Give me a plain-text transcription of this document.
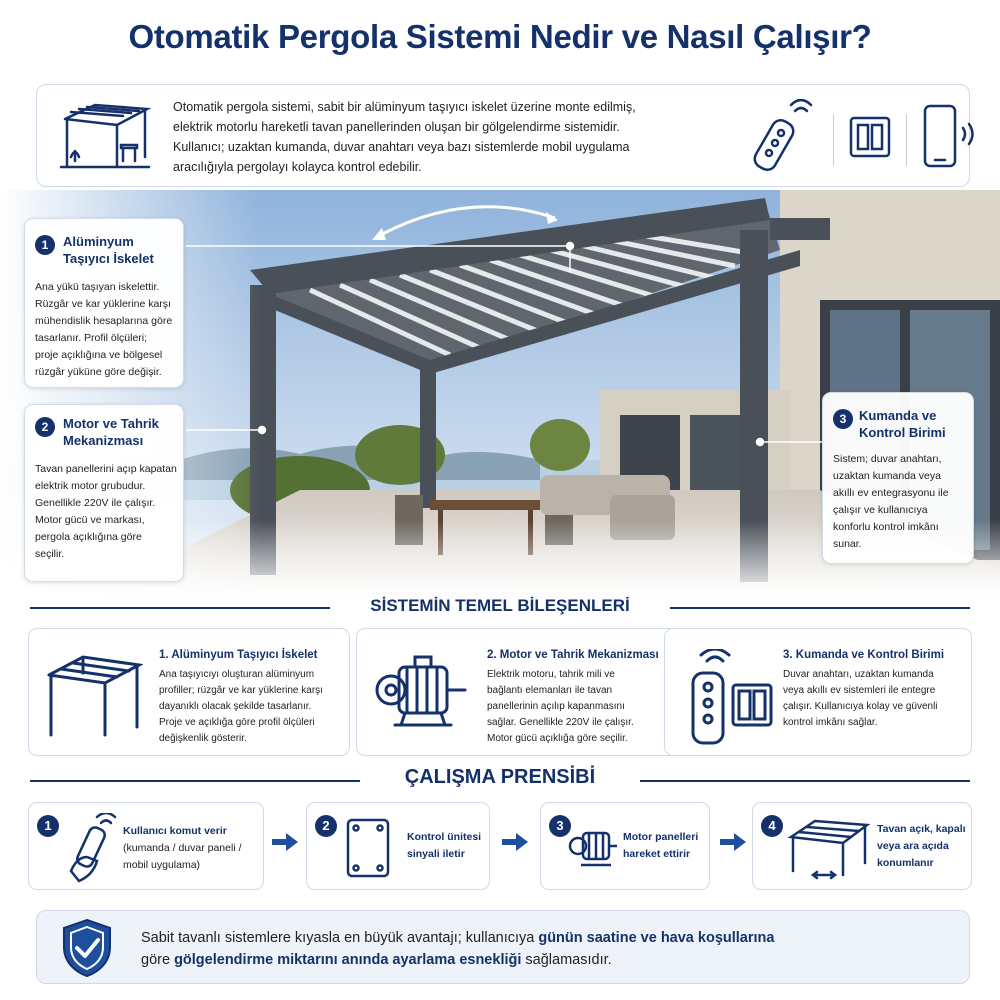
Otomatik Pergola Sistemi Nedir ve Nasıl Çalışır?
Otomatik pergola sistemi, sabit bir alüminyum taşıyıcı iskelet üzerine monte edilmiş,
elektrik motorlu hareketli tavan panellerinden oluşan bir gölgelendirme sistemidir.
Kullanıcı; uzaktan kumanda, duvar anahtarı veya bazı sistemlerde mobil uygulama
aracılığıyla pergolayı kolayca kontrol edebilir.
1	Alüminyum
Taşıyıcı İskelet

Ana yükü taşıyan iskelettir.
Rüzgâr ve kar yüklerine karşı
mühendislik hesaplarına göre
tasarlanır. Profil ölçüleri;
proje açıklığına ve bölgesel
rüzgâr yüküne göre değişir.

2	Motor ve Tahrik
Mekanizması

Tavan panellerini açıp kapatan
elektrik motor grubudur.
Genellikle 220V ile çalışır.
Motor gücü ve markası,
pergola açıklığına göre
seçilir.

3 Kumanda ve
Kontrol Birimi

Sistem; duvar anahtarı,
uzaktan kumanda veya
akıllı ev entegrasyonu ile
çalışır ve kullanıcıya
konforlu kontrol imkânı
sunar.

SİSTEMİN TEMEL BİLEŞENLERİ
1. Alüminyum Taşıyıcı İskelet

Ana taşıyıcıyı oluşturan alüminyum
profiller; rüzgâr ve kar yüklerine karşı
dayanıklı olacak şekilde tasarlanır.
Proje ve açıklığa göre profil ölçüleri
değişkenlik gösterir.

2. Motor ve Tahrik Mekanizması

Elektrik motoru, tahrik mili ve
bağlantı elemanları ile tavan
panellerinin açılıp kapanmasını
sağlar. Genellikle 220V ile çalışır.
Motor gücü açıklığa göre seçilir.

3. Kumanda ve Kontrol Birimi

Duvar anahtarı, uzaktan kumanda
veya akıllı ev sistemleri ile entegre
çalışır. Kullanıcıya kolay ve güvenli
kontrol imkânı sağlar.

ÇALIŞMA PRENSİBİ
1	Kullanıcı komut verir
(kumanda / duvar paneli /
mobil uygulama)
2
Kontrol ünitesi
sinyali iletir
3
Motor panelleri
hareket ettirir
4	Tavan açık, kapalı
veya ara açıda
konumlanır
Sabit tavanlı sistemlere kıyasla en büyük avantajı; kullanıcıya günün saatine ve hava koşullarına
göre gölgelendirme miktarını anında ayarlama esnekliği sağlamasıdır.
